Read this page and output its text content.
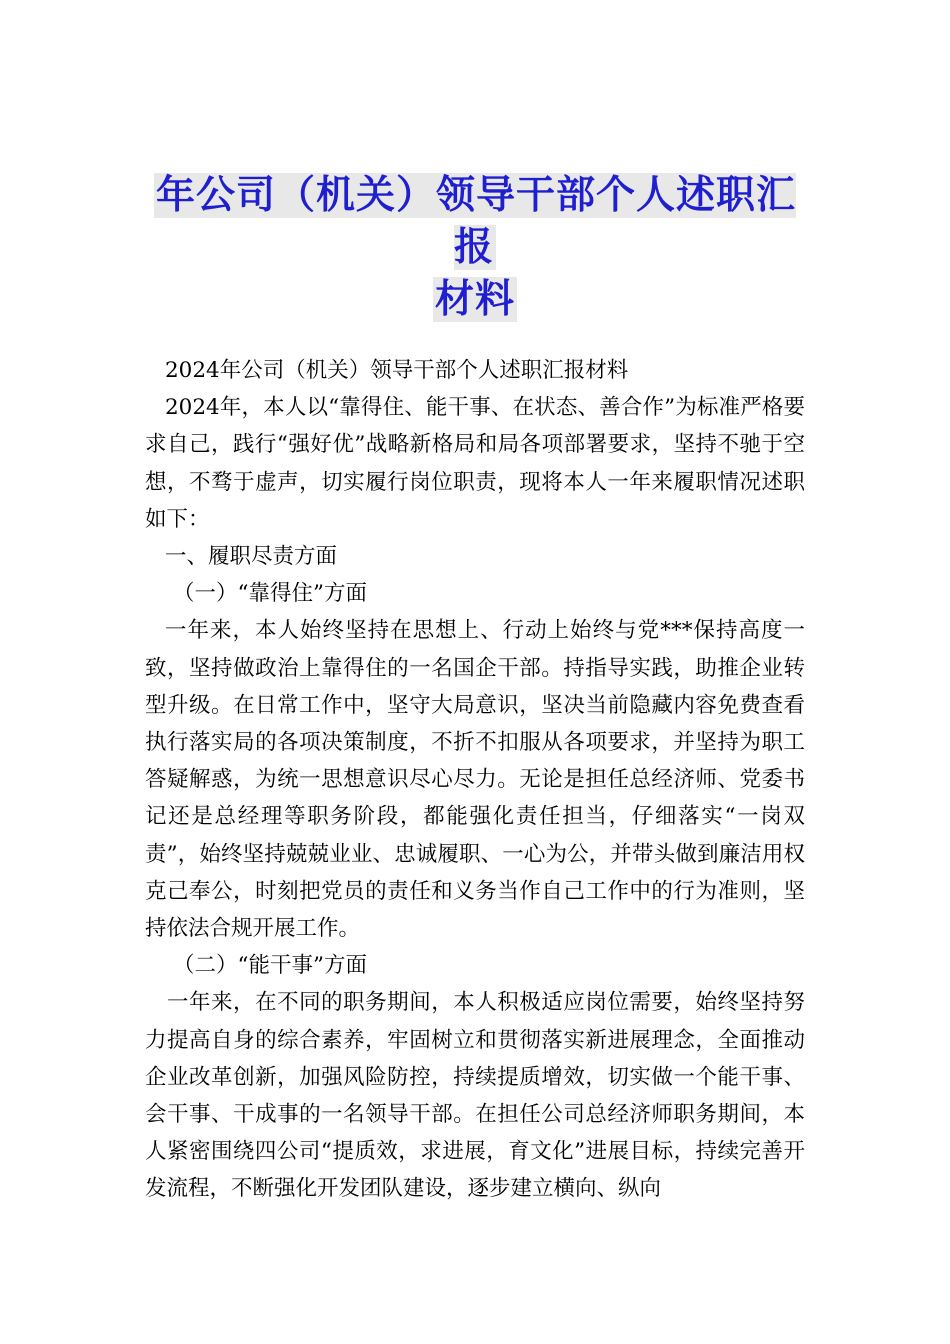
年公司（机关）领导干部个人述职汇报
材料

2024年公司（机关）领导干部个人述职汇报材料

2024年，本人以“靠得住、能干事、在状态、善合作”为标准严格要求自己，践行“强好优”战略新格局和局各项部署要求，坚持不驰于空想，不骛于虚声，切实履行岗位职责，现将本人一年来履职情况述职如下：

一、履职尽责方面

（一）“靠得住”方面

一年来，本人始终坚持在思想上、行动上始终与党***保持高度一致，坚持做政治上靠得住的一名国企干部。持指导实践，助推企业转型升级。在日常工作中，坚守大局意识，坚决当前隐藏内容免费查看执行落实局的各项决策制度，不折不扣服从各项要求，并坚持为职工答疑解惑，为统一思想意识尽心尽力。无论是担任总经济师、党委书记还是总经理等职务阶段，都能强化责任担当，仔细落实“一岗双责”，始终坚持兢兢业业、忠诚履职、一心为公，并带头做到廉洁用权克己奉公，时刻把党员的责任和义务当作自己工作中的行为准则，坚持依法合规开展工作。

（二）“能干事”方面

一年来，在不同的职务期间，本人积极适应岗位需要，始终坚持努力提高自身的综合素养，牢固树立和贯彻落实新进展理念，全面推动企业改革创新，加强风险防控，持续提质增效，切实做一个能干事、会干事、干成事的一名领导干部。在担任公司总经济师职务期间，本人紧密围绕四公司“提质效，求进展，育文化”进展目标，持续完善开发流程，不断强化开发团队建设，逐步建立横向、纵向
